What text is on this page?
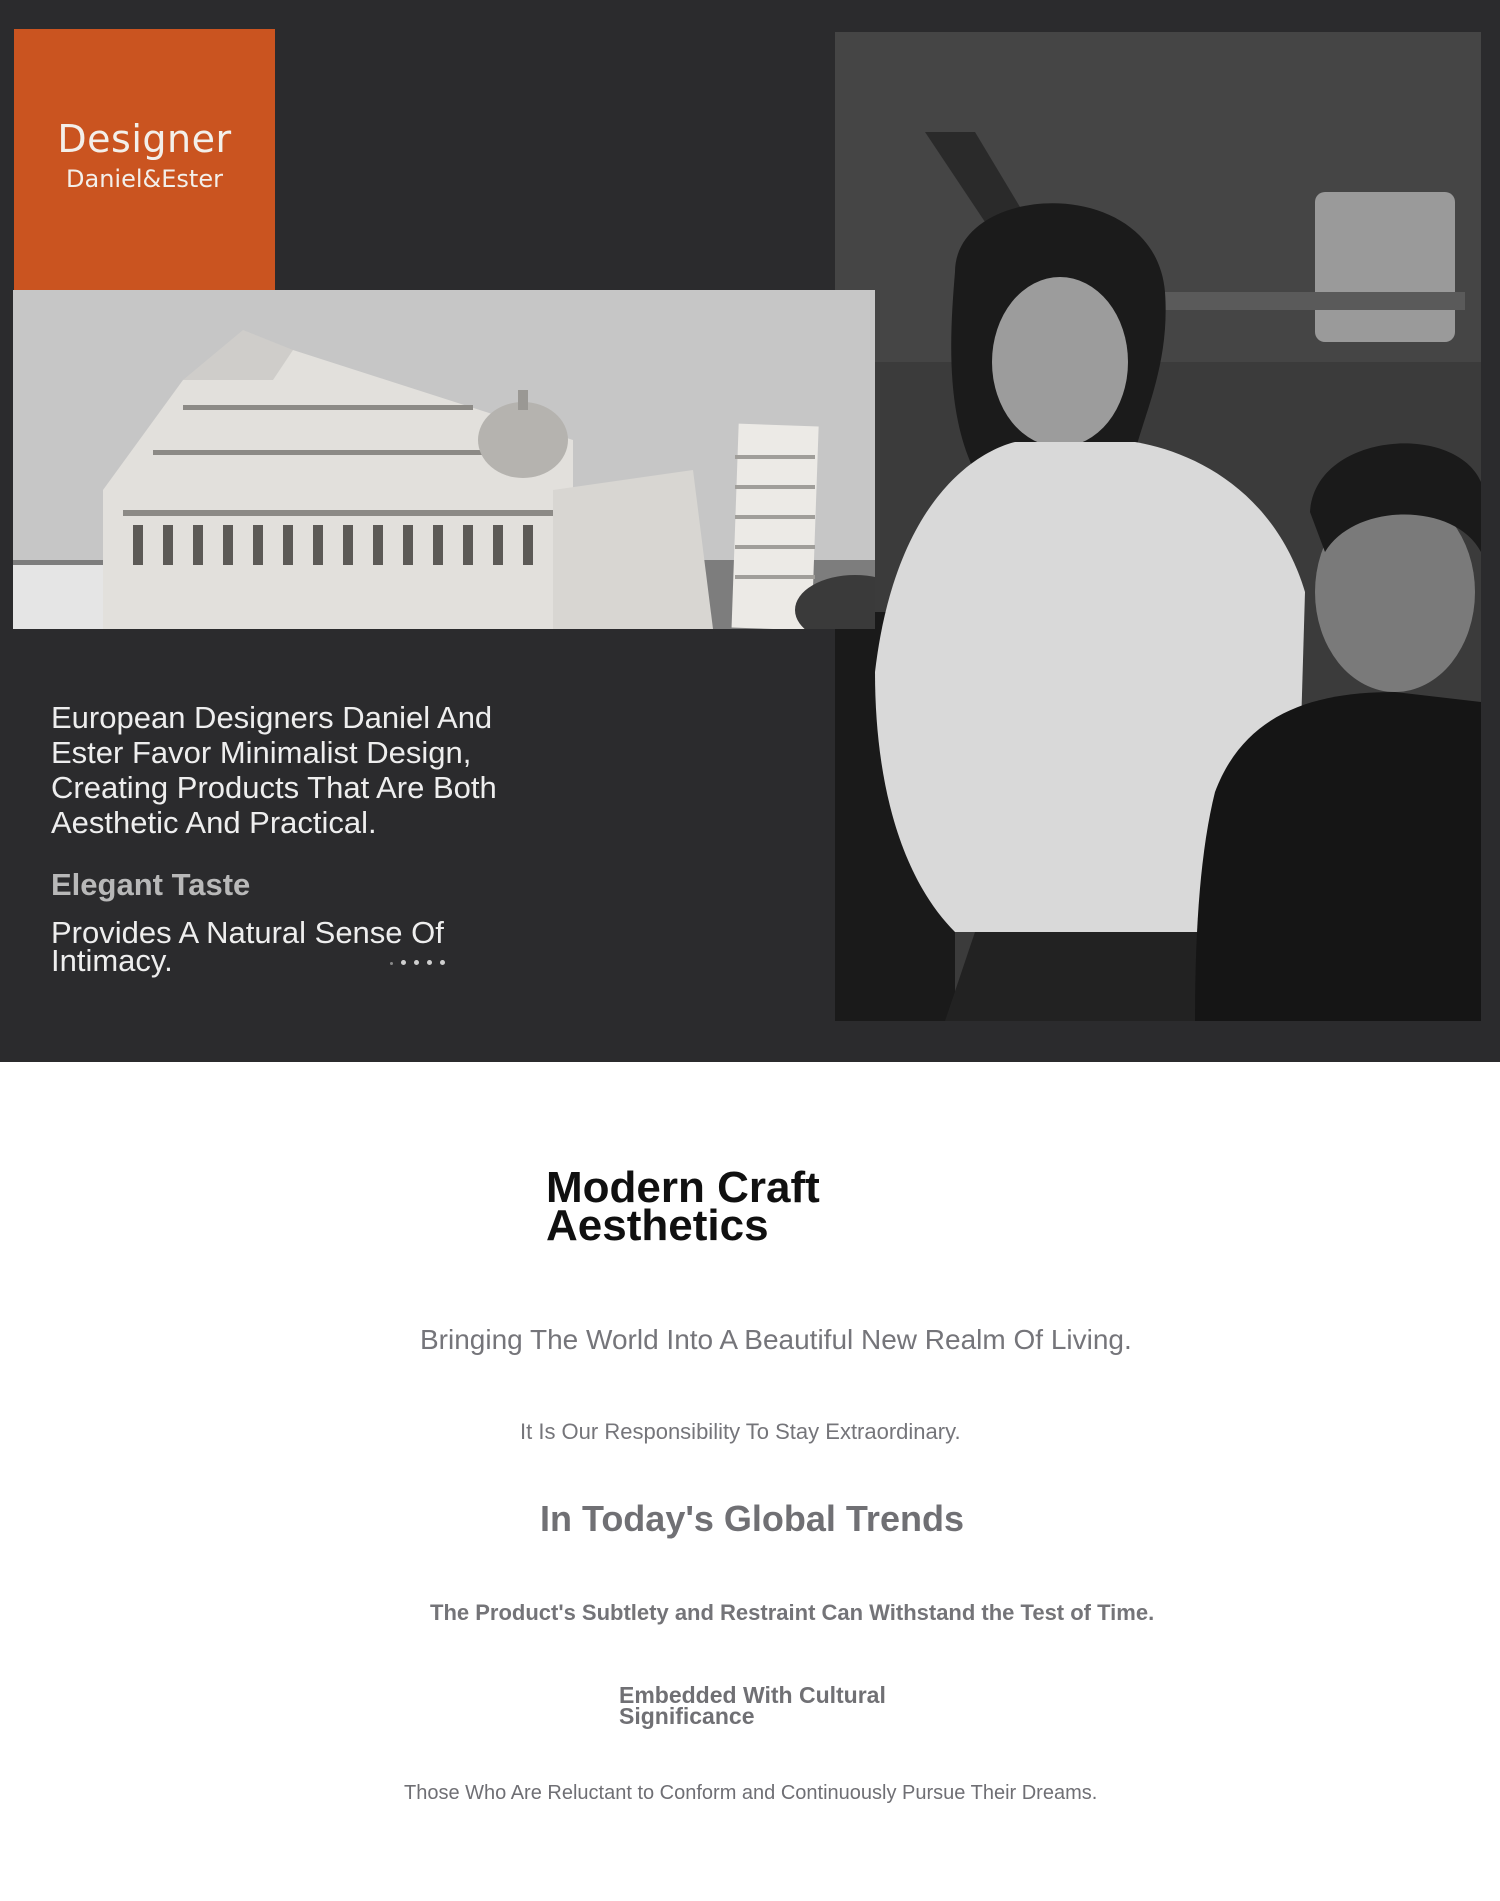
Designer
Daniel&Ester

European Designers Daniel And Ester Favor Minimalist Design, Creating Products That Are Both Aesthetic And Practical.

Elegant Taste

Provides A Natural Sense Of Intimacy.

Modern Craft Aesthetics

Bringing The World Into A Beautiful New Realm Of Living.

It Is Our Responsibility To Stay Extraordinary.

In Today's Global Trends

The Product's Subtlety and Restraint Can Withstand the Test of Time.

Embedded With Cultural Significance

Those Who Are Reluctant to Conform and Continuously Pursue Their Dreams.
